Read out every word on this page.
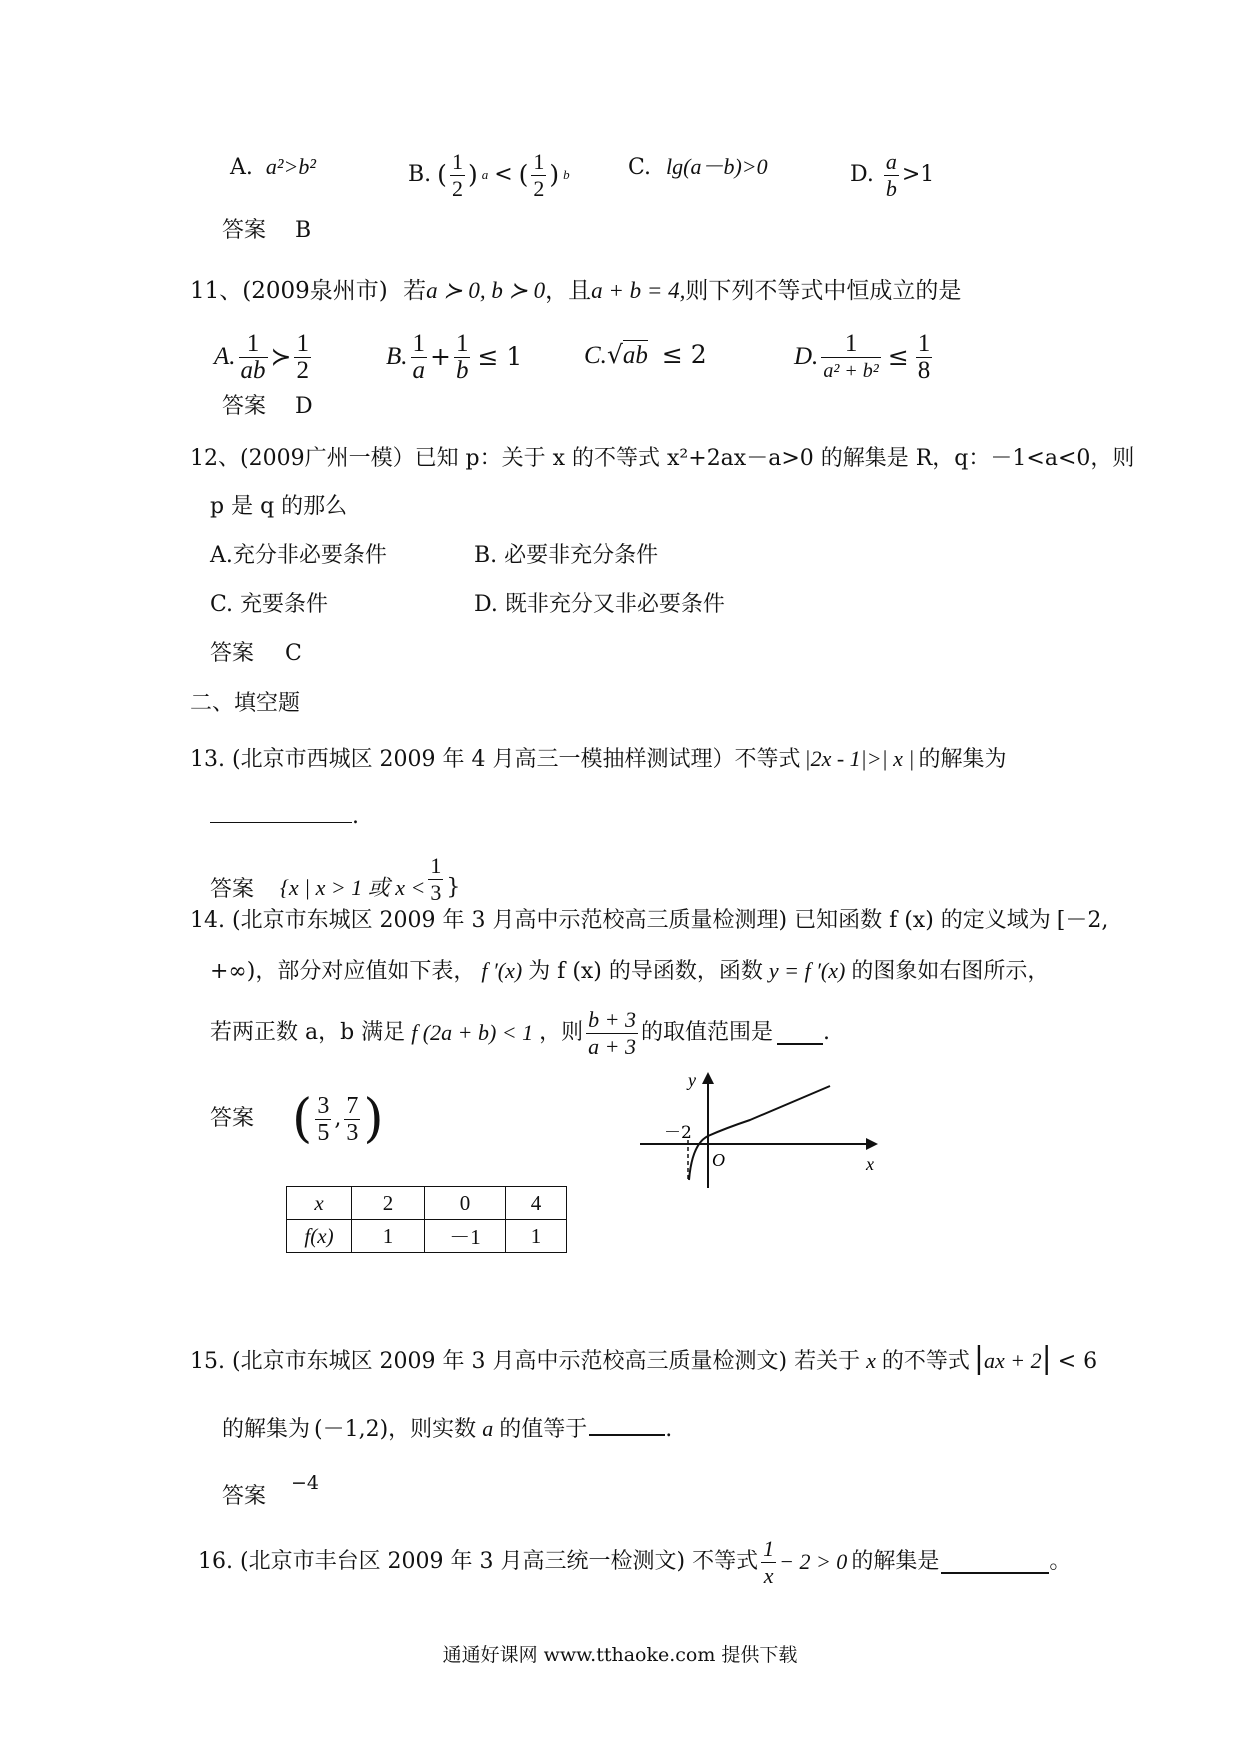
A. a²>b²	B. ( $\frac{1}{2}$ ) a < ( $\frac{1}{2}$ ) b	C. lg(a－b)>0	D. $\frac{a}{b} >1$
答案 B
11、(2009泉州市) 若a ≻ 0, b ≻ 0，且a + b = 4,则下列不等式中恒成立的是
A. $\frac{1}{ab}$ ≻ $\frac{1}{2}$	B. $\frac{1}{a} + \frac{1}{b} \le 1$ C.√ab ≤ 2	D. $\frac{1}{\text{a² + b²}} \le \frac{1}{8}$
答案 D
12、(2009广州一模）已知 p：关于 x 的不等式 x²+2ax－a>0 的解集是 R，q：－1<a<0，则
p 是 q 的那么
A.充分非必要条件	B. 必要非充分条件
C. 充要条件	D. 既非充分又非必要条件
答案 C
二、填空题
13. (北京市西城区 2009 年 4 月高三一模抽样测试理）不等式 |2x - 1|>| x | 的解集为
.
答案 {x | x > 1 或 $x < \frac{1}{3}$ }
14. (北京市东城区 2009 年 3 月高中示范校高三质量检测理) 已知函数 f (x) 的定义域为 [－2,
+∞)，部分对应值如下表， f ′(x) 为 f (x) 的导函数，函数 y = f ′(x) 的图象如右图所示，
若两正数 a，b 满足 f (2a + b) < 1 ，则 $\frac{b + 3}{a + 3}$ 的取值范围是 .
答案 ( $\frac{3}{5}$ , $\frac{7}{3}$ )
y
x
O
－2
x	2	0	4
f(x)	1	－1	1
15. (北京市东城区 2009 年 3 月高中示范校高三质量检测文) 若关于 x 的不等式 |ax + 2| < 6
的解集为 (－1,2)，则实数 a 的值等于	.
答案 −4
16. (北京市丰台区 2009 年 3 月高三统一检测文) 不等式 $\frac{1}{x} - 2 > 0$ 的解集是	。
通通好课网 www.tthaoke.com 提供下载
